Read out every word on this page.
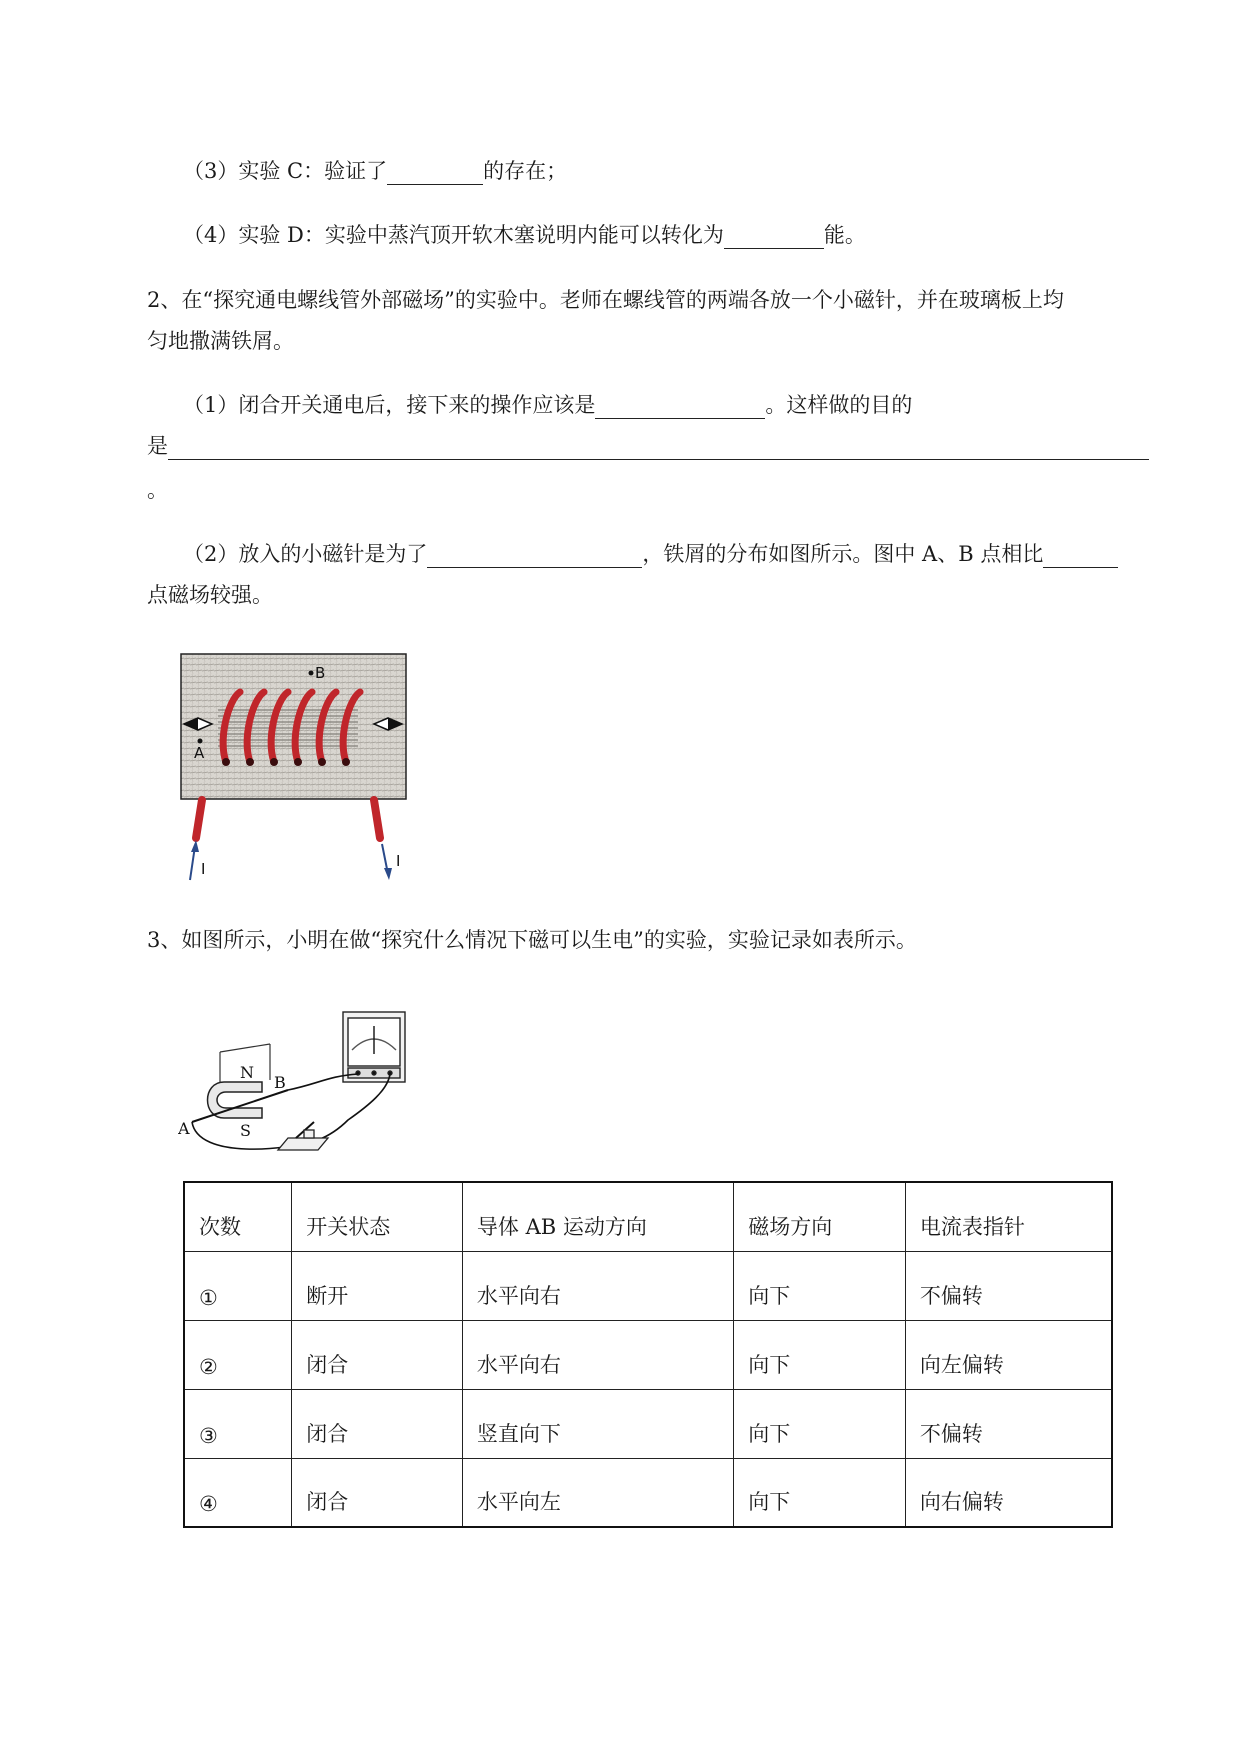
（3）实验 C：验证了	的存在；
（4）实验 D：实验中蒸汽顶开软木塞说明内能可以转化为	能。
2、在“探究通电螺线管外部磁场”的实验中。老师在螺线管的两端各放一个小磁针，并在玻璃板上均
匀地撒满铁屑。
（1）闭合开关通电后，接下来的操作应该是	。这样做的目的
是
。
（2）放入的小磁针是为了	，铁屑的分布如图所示。图中 A、B 点相比
点磁场较强。
B
A
I	I
3、如图所示，小明在做“探究什么情况下磁可以生电”的实验，实验记录如表所示。
N
S
B
A
次数	开关状态	导体 AB 运动方向	磁场方向	电流表指针
①	断开	水平向右	向下	不偏转
②	闭合	水平向右	向下	向左偏转
③	闭合	竖直向下	向下	不偏转
④	闭合	水平向左	向下	向右偏转
